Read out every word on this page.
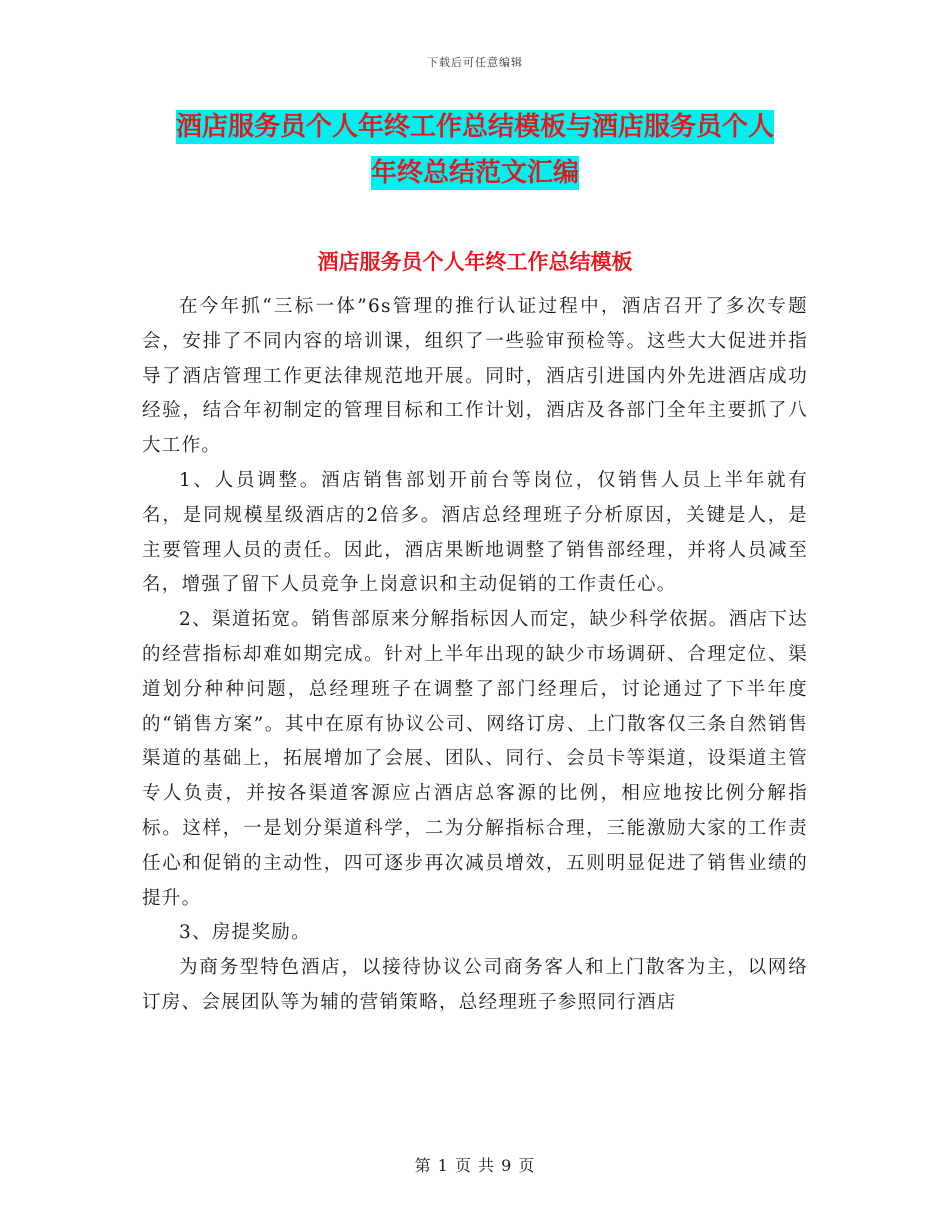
下载后可任意编辑
酒店服务员个人年终工作总结模板与酒店服务员个人
年终总结范文汇编
酒店服务员个人年终工作总结模板

在今年抓“三标一体”6s管理的推行认证过程中，酒店召开了多次专题会，安排了不同内容的培训课，组织了一些验审预检等。这些大大促进并指导了酒店管理工作更法律规范地开展。同时，酒店引进国内外先进酒店成功经验，结合年初制定的管理目标和工作计划，酒店及各部门全年主要抓了八大工作。

1、人员调整。酒店销售部划开前台等岗位，仅销售人员上半年就有 名，是同规模星级酒店的2倍多。酒店总经理班子分析原因，关键是人，是主要管理人员的责任。因此，酒店果断地调整了销售部经理，并将人员减至 名，增强了留下人员竞争上岗意识和主动促销的工作责任心。

2、渠道拓宽。销售部原来分解指标因人而定，缺少科学依据。酒店下达的经营指标却难如期完成。针对上半年出现的缺少市场调研、合理定位、渠道划分种种问题，总经理班子在调整了部门经理后，讨论通过了下半年度的“销售方案”。其中在原有协议公司、网络订房、上门散客仅三条自然销售渠道的基础上，拓展增加了会展、团队、同行、会员卡等渠道，设渠道主管专人负责，并按各渠道客源应占酒店总客源的比例，相应地按比例分解指标。这样，一是划分渠道科学，二为分解指标合理，三能激励大家的工作责任心和促销的主动性，四可逐步再次减员增效，五则明显促进了销售业绩的提升。

3、房提奖励。

为商务型特色酒店，以接待协议公司商务客人和上门散客为主，以网络订房、会展团队等为辅的营销策略，总经理班子参照同行酒店

第 1 页 共 9 页
